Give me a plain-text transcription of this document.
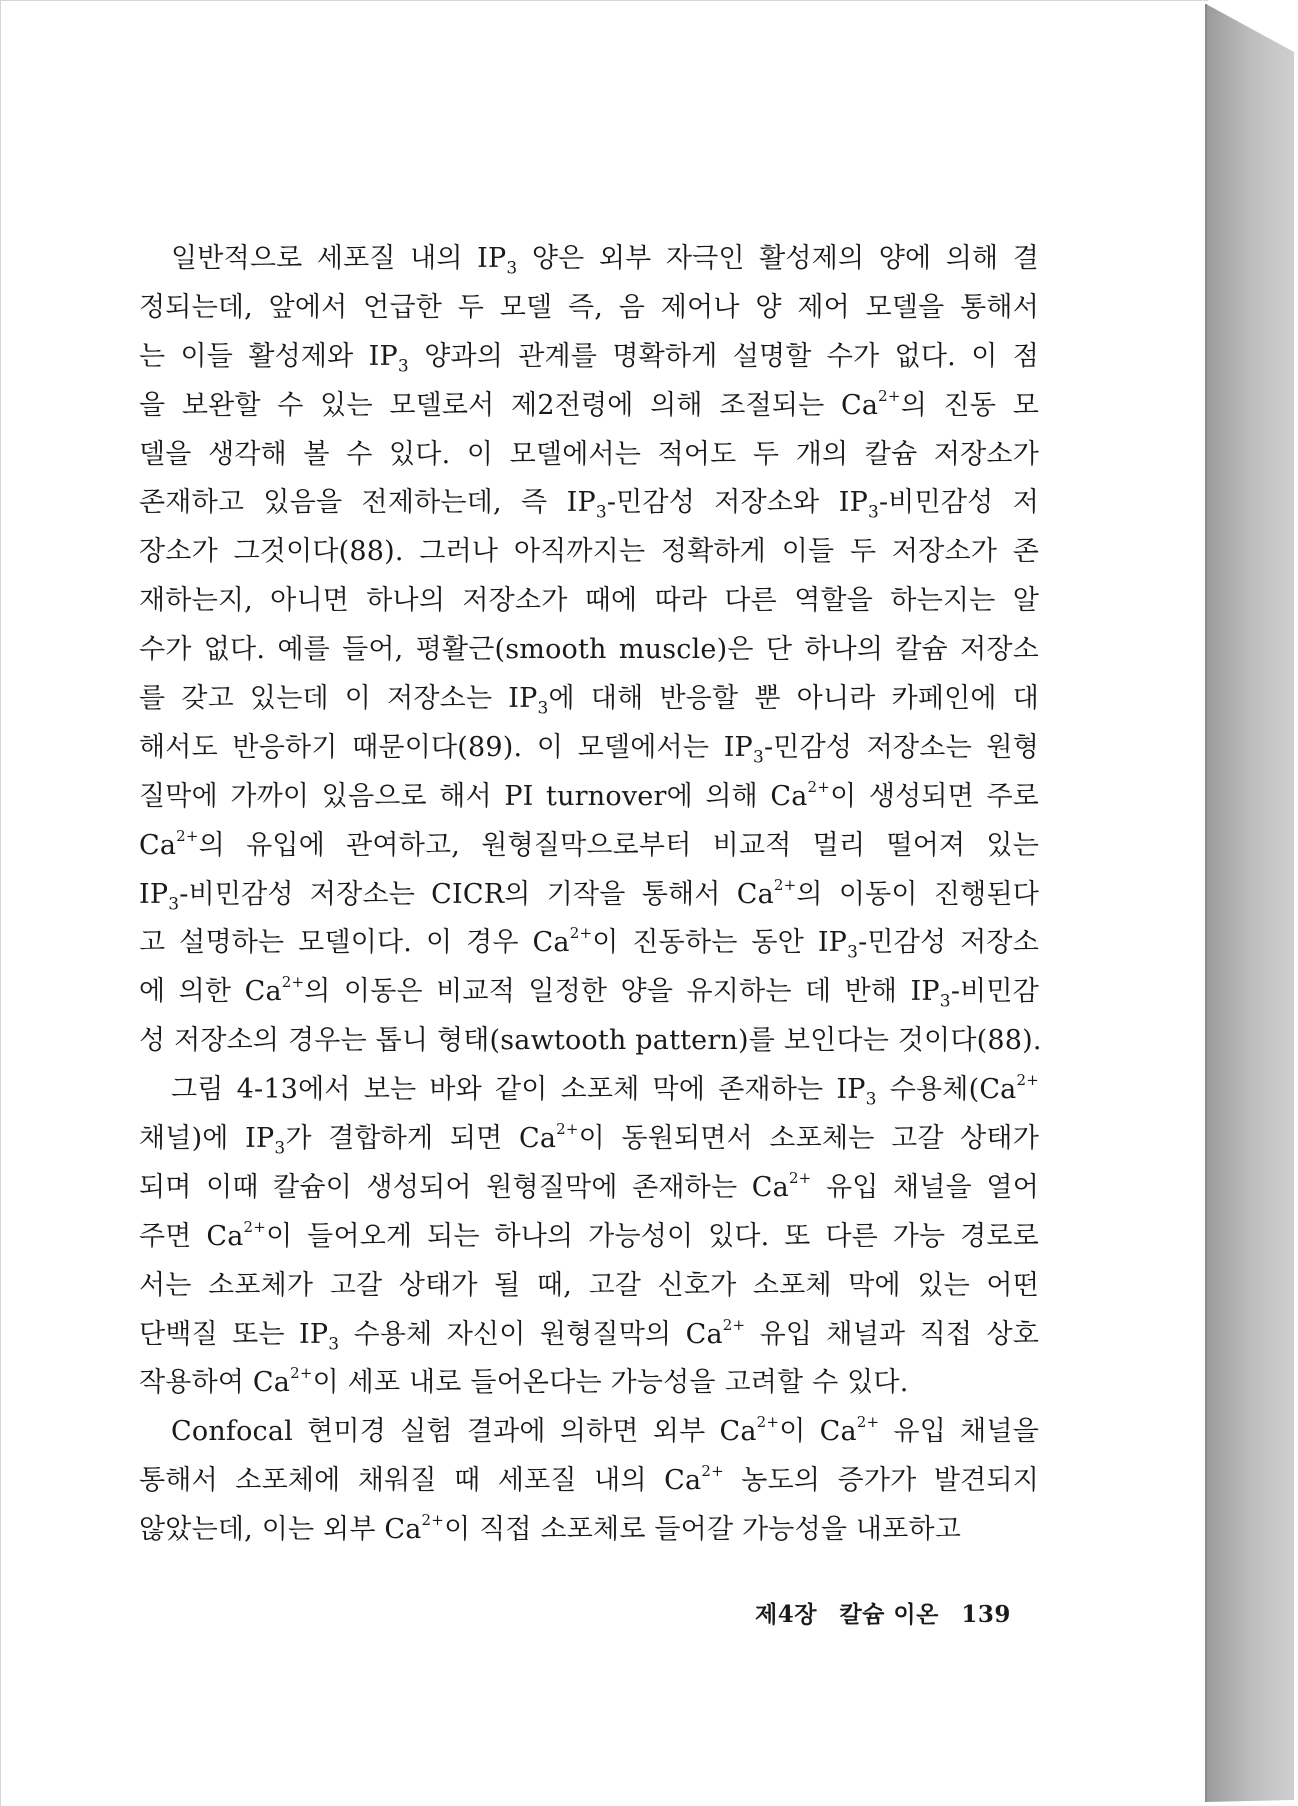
일반적으로 세포질 내의 $IP_3$ 양은 외부 자극인 활성제의 양에 의해 결
정되는데, 앞에서 언급한 두 모델 즉, 음 제어나 양 제어 모델을 통해서
는 이들 활성제와 $IP_3$ 양과의 관계를 명확하게 설명할 수가 없다. 이 점
을 보완할 수 있는 모델로서 제2전령에 의해 조절되는 $Ca^{2+}$의 진동 모
델을 생각해 볼 수 있다. 이 모델에서는 적어도 두 개의 칼슘 저장소가
존재하고 있음을 전제하는데, 즉 $IP_3-$민감성 저장소와 $IP_3-$비민감성 저
장소가 그것이다(88). 그러나 아직까지는 정확하게 이들 두 저장소가 존
재하는지, 아니면 하나의 저장소가 때에 따라 다른 역할을 하는지는 알
수가 없다. 예를 들어, 평활근(smooth muscle)은 단 하나의 칼슘 저장소
를 갖고 있는데 이 저장소는 $IP_3$에 대해 반응할 뿐 아니라 카페인에 대
해서도 반응하기 때문이다(89). 이 모델에서는 $IP_3-$민감성 저장소는 원형
질막에 가까이 있음으로 해서 PI turnover에 의해 $Ca^{2+}$이 생성되면 주로
$Ca^{2+}$의 유입에 관여하고, 원형질막으로부터 비교적 멀리 떨어져 있는
$IP_3-$비민감성 저장소는 CICR의 기작을 통해서 $Ca^{2+}$의 이동이 진행된다
고 설명하는 모델이다. 이 경우 $Ca^{2+}$이 진동하는 동안 $IP_3-$민감성 저장소
에 의한 $Ca^{2+}$의 이동은 비교적 일정한 양을 유지하는 데 반해 $IP_3-$비민감
성 저장소의 경우는 톱니 형태(sawtooth pattern)를 보인다는 것이다(88).
그림 4-13에서 보는 바와 같이 소포체 막에 존재하는 $IP_3$ 수용체($Ca^{2+}$
채널)에 $IP_3$가 결합하게 되면 $Ca^{2+}$이 동원되면서 소포체는 고갈 상태가
되며 이때 칼슘이 생성되어 원형질막에 존재하는 $Ca^{2+}$ 유입 채널을 열어
주면 $Ca^{2+}$이 들어오게 되는 하나의 가능성이 있다. 또 다른 가능 경로로
서는 소포체가 고갈 상태가 될 때, 고갈 신호가 소포체 막에 있는 어떤
단백질 또는 $IP_3$ 수용체 자신이 원형질막의 $Ca^{2+}$ 유입 채널과 직접 상호
작용하여 $Ca^{2+}$이 세포 내로 들어온다는 가능성을 고려할 수 있다.
Confocal 현미경 실험 결과에 의하면 외부 $Ca^{2+}$이 $Ca^{2+}$ 유입 채널을
통해서 소포체에 채워질 때 세포질 내의 $Ca^{2+}$ 농도의 증가가 발견되지
않았는데, 이는 외부 $Ca^{2+}$이 직접 소포체로 들어갈 가능성을 내포하고
제4장 칼슘 이온 139
